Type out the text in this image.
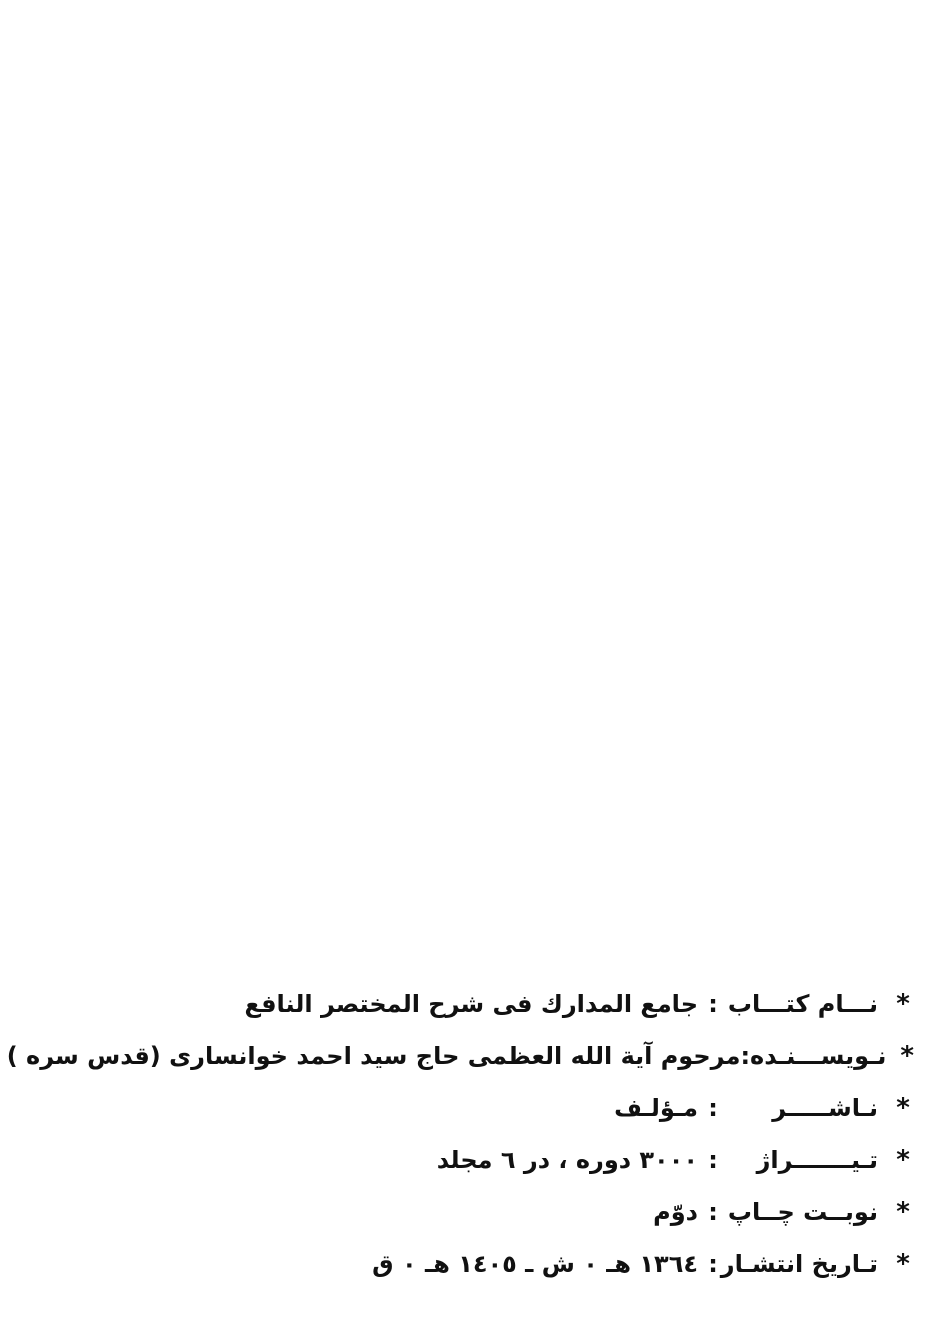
*
نـــام کتـــاب
:
جامع المدارك فى شرح المختصر النافع
*
نـويســـنـده
:
مرحوم آية الله العظمى حاج سيد احمد خوانسارى (قدس سره )
*
نـاشـــــر
:
مـؤلـف
*
تـيـــــــراژ
:
۳۰۰۰ دوره ، در ٦ مجلد
*
نوبــت چــاپ
:
دوّم
*
تـاریخ انتشـار
:
۱۳٦٤ هـ ٠ ش ـ ١٤٠٥ هـ ٠ ق
